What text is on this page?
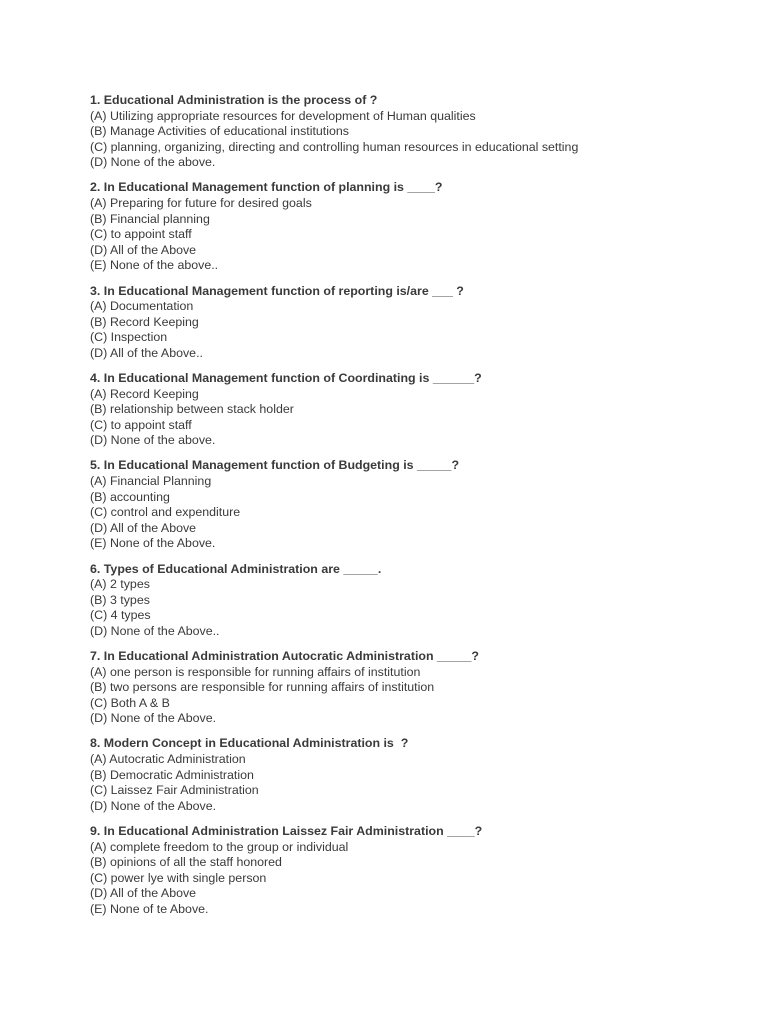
1. Educational Administration is the process of ?
(A) Utilizing appropriate resources for development of Human qualities
(B) Manage Activities of educational institutions
(C) planning, organizing, directing and controlling human resources in educational setting
(D) None of the above.
2. In Educational Management function of planning is ____?
(A) Preparing for future for desired goals
(B) Financial planning
(C) to appoint staff
(D) All of the Above
(E) None of the above..
3. In Educational Management function of reporting is/are ___ ?
(A) Documentation
(B) Record Keeping
(C) Inspection
(D) All of the Above..
4. In Educational Management function of Coordinating is ______?
(A) Record Keeping
(B) relationship between stack holder
(C) to appoint staff
(D) None of the above.
5. In Educational Management function of Budgeting is _____?
(A) Financial Planning
(B) accounting
(C) control and expenditure
(D) All of the Above
(E) None of the Above.
6. Types of Educational Administration are _____.
(A) 2 types
(B) 3 types
(C) 4 types
(D) None of the Above..
7. In Educational Administration Autocratic Administration _____?
(A) one person is responsible for running affairs of institution
(B) two persons are responsible for running affairs of institution
(C) Both A & B
(D) None of the Above.
8. Modern Concept in Educational Administration is  ?
(A) Autocratic Administration
(B) Democratic Administration
(C) Laissez Fair Administration
(D) None of the Above.
9. In Educational Administration Laissez Fair Administration ____?
(A) complete freedom to the group or individual
(B) opinions of all the staff honored
(C) power lye with single person
(D) All of the Above
(E) None of te Above.
